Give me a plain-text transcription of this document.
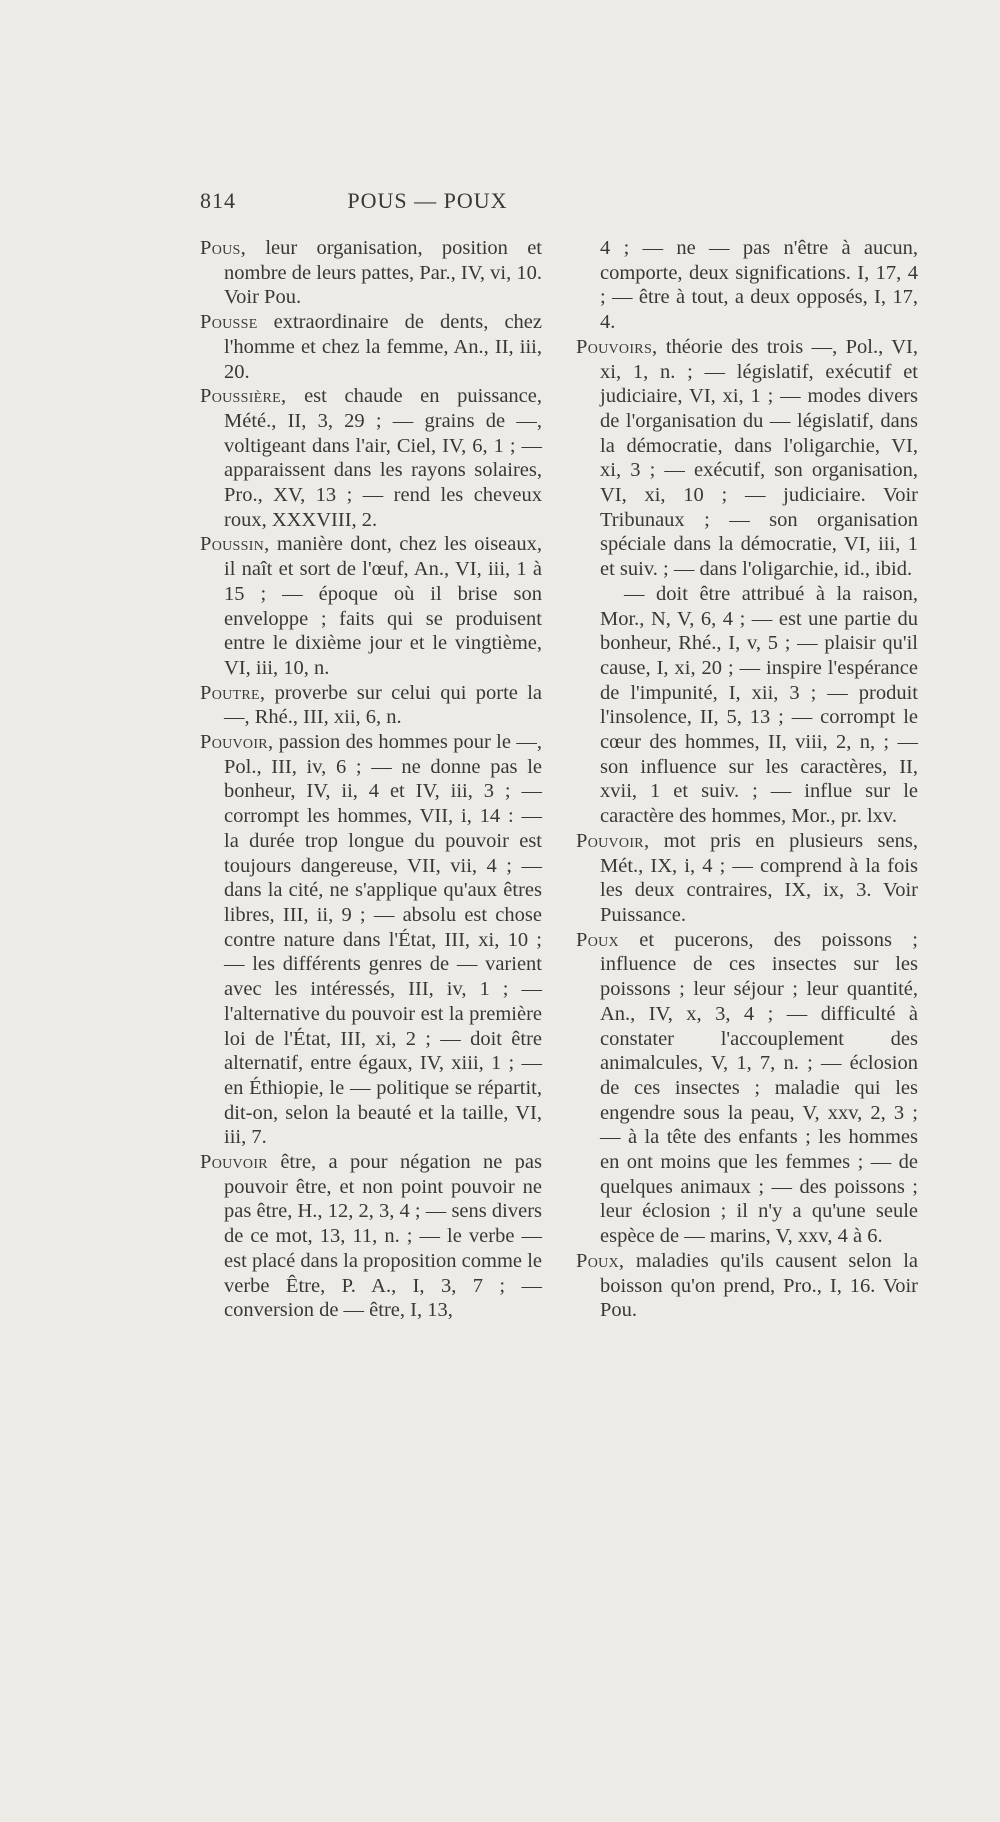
814	POUS — POUX
Pous, leur organisation, position et nombre de leurs pattes, Par., IV, vi, 10. Voir Pou.
Pousse extraordinaire de dents, chez l'homme et chez la femme, An., II, iii, 20.
Poussière, est chaude en puissance, Mété., II, 3, 29 ; — grains de —, voltigeant dans l'air, Ciel, IV, 6, 1 ; — apparaissent dans les rayons solaires, Pro., XV, 13 ; — rend les cheveux roux, XXXVIII, 2.
Poussin, manière dont, chez les oiseaux, il naît et sort de l'œuf, An., VI, iii, 1 à 15 ; — époque où il brise son enveloppe ; faits qui se produisent entre le dixième jour et le vingtième, VI, iii, 10, n.
Poutre, proverbe sur celui qui porte la —, Rhé., III, xii, 6, n.
Pouvoir, passion des hommes pour le —, Pol., III, iv, 6 ; — ne donne pas le bonheur, IV, ii, 4 et IV, iii, 3 ; — corrompt les hommes, VII, i, 14 : — la durée trop longue du pouvoir est toujours dangereuse, VII, vii, 4 ; — dans la cité, ne s'applique qu'aux êtres libres, III, ii, 9 ; — absolu est chose contre nature dans l'État, III, xi, 10 ; — les différents genres de — varient avec les intéressés, III, iv, 1 ; — l'alternative du pouvoir est la première loi de l'État, III, xi, 2 ; — doit être alternatif, entre égaux, IV, xiii, 1 ; — en Éthiopie, le — politique se répartit, dit-on, selon la beauté et la taille, VI, iii, 7.
Pouvoir être, a pour négation ne pas pouvoir être, et non point pouvoir ne pas être, H., 12, 2, 3, 4 ; — sens divers de ce mot, 13, 11, n. ; — le verbe — est placé dans la proposition comme le verbe Être, P. A., I, 3, 7 ; — conversion de — être, I, 13,
4 ; — ne — pas n'être à aucun, comporte, deux significations. I, 17, 4 ; — être à tout, a deux opposés, I, 17, 4.
Pouvoirs, théorie des trois —, Pol., VI, xi, 1, n. ; — législatif, exécutif et judiciaire, VI, xi, 1 ; — modes divers de l'organisation du — législatif, dans la démocratie, dans l'oligarchie, VI, xi, 3 ; — exécutif, son organisation, VI, xi, 10 ; — judiciaire. Voir Tribunaux ; — son organisation spéciale dans la démocratie, VI, iii, 1 et suiv. ; — dans l'oligarchie, id., ibid.
— doit être attribué à la raison, Mor., N, V, 6, 4 ; — est une partie du bonheur, Rhé., I, v, 5 ; — plaisir qu'il cause, I, xi, 20 ; — inspire l'espérance de l'impunité, I, xii, 3 ; — produit l'insolence, II, 5, 13 ; — corrompt le cœur des hommes, II, viii, 2, n, ; — son influence sur les caractères, II, xvii, 1 et suiv. ; — influe sur le caractère des hommes, Mor., pr. lxv.
Pouvoir, mot pris en plusieurs sens, Mét., IX, i, 4 ; — comprend à la fois les deux contraires, IX, ix, 3. Voir Puissance.
Poux et pucerons, des poissons ; influence de ces insectes sur les poissons ; leur séjour ; leur quantité, An., IV, x, 3, 4 ; — difficulté à constater l'accouplement des animalcules, V, 1, 7, n. ; — éclosion de ces insectes ; maladie qui les engendre sous la peau, V, xxv, 2, 3 ; — à la tête des enfants ; les hommes en ont moins que les femmes ; — de quelques animaux ; — des poissons ; leur éclosion ; il n'y a qu'une seule espèce de — marins, V, xxv, 4 à 6.
Poux, maladies qu'ils causent selon la boisson qu'on prend, Pro., I, 16. Voir Pou.
